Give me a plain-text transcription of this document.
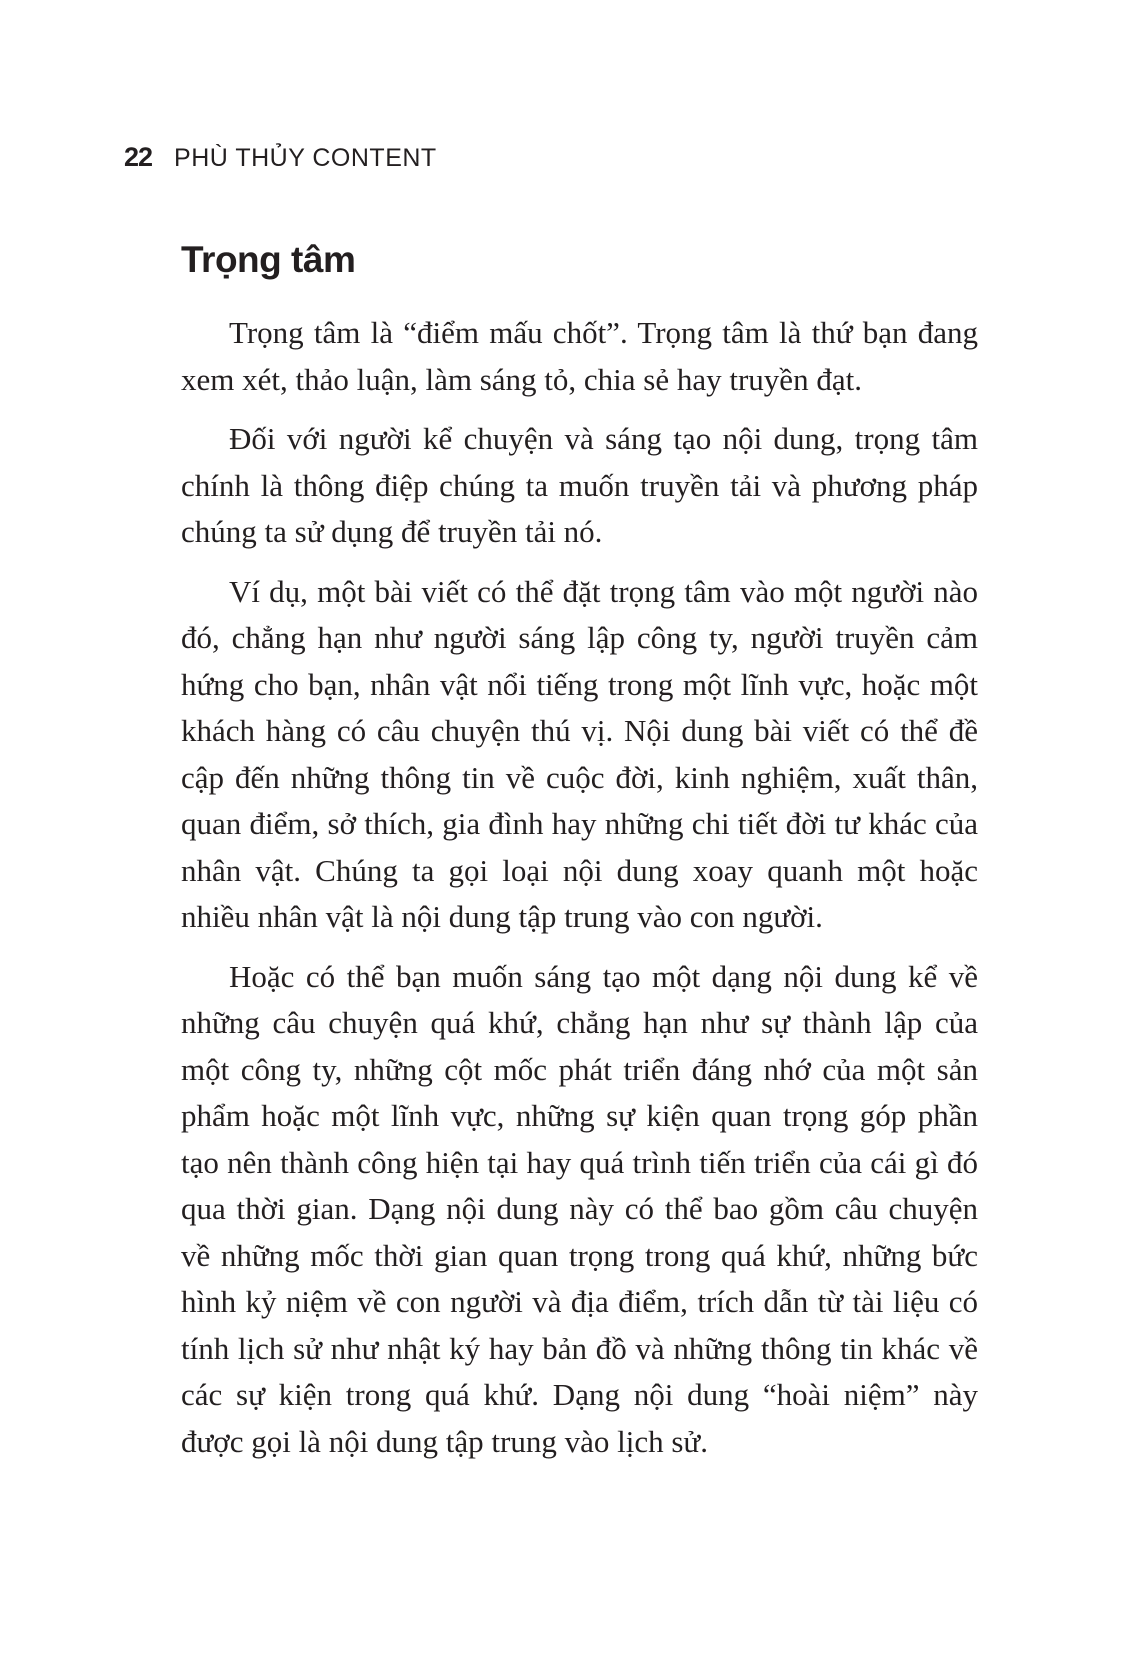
22 PHÙ THỦY CONTENT
Trọng tâm

Trọng tâm là “điểm mấu chốt”. Trọng tâm là thứ bạn đang xem xét, thảo luận, làm sáng tỏ, chia sẻ hay truyền đạt.

Đối với người kể chuyện và sáng tạo nội dung, trọng tâm chính là thông điệp chúng ta muốn truyền tải và phương pháp chúng ta sử dụng để truyền tải nó.

Ví dụ, một bài viết có thể đặt trọng tâm vào một người nào đó, chẳng hạn như người sáng lập công ty, người truyền cảm hứng cho bạn, nhân vật nổi tiếng trong một lĩnh vực, hoặc một khách hàng có câu chuyện thú vị. Nội dung bài viết có thể đề cập đến những thông tin về cuộc đời, kinh nghiệm, xuất thân, quan điểm, sở thích, gia đình hay những chi tiết đời tư khác của nhân vật. Chúng ta gọi loại nội dung xoay quanh một hoặc nhiều nhân vật là nội dung tập trung vào con người.

Hoặc có thể bạn muốn sáng tạo một dạng nội dung kể về những câu chuyện quá khứ, chẳng hạn như sự thành lập của một công ty, những cột mốc phát triển đáng nhớ của một sản phẩm hoặc một lĩnh vực, những sự kiện quan trọng góp phần tạo nên thành công hiện tại hay quá trình tiến triển của cái gì đó qua thời gian. Dạng nội dung này có thể bao gồm câu chuyện về những mốc thời gian quan trọng trong quá khứ, những bức hình kỷ niệm về con người và địa điểm, trích dẫn từ tài liệu có tính lịch sử như nhật ký hay bản đồ và những thông tin khác về các sự kiện trong quá khứ. Dạng nội dung “hoài niệm” này được gọi là nội dung tập trung vào lịch sử.
